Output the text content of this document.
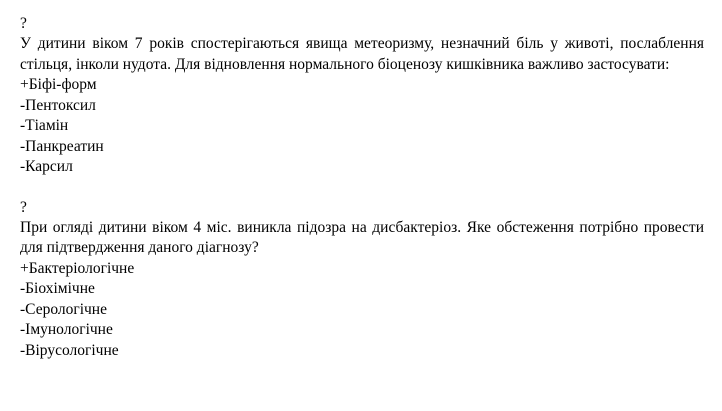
?

У дитини віком 7 років спостерігаються явища метеоризму, незначний біль у животі, послаблення стільця, інколи нудота. Для відновлення нормального біоценозу кишківника важливо застосувати:

+Біфі-форм
-Пентоксил
-Тіамін
-Панкреатин
-Карсил
?

При огляді дитини віком 4 міс. виникла підозра на дисбактеріоз. Яке обстеження потрібно провести для підтвердження даного діагнозу?

+Бактеріологічне
-Біохімічне
-Серологічне
-Імунологічне
-Вірусологічне
